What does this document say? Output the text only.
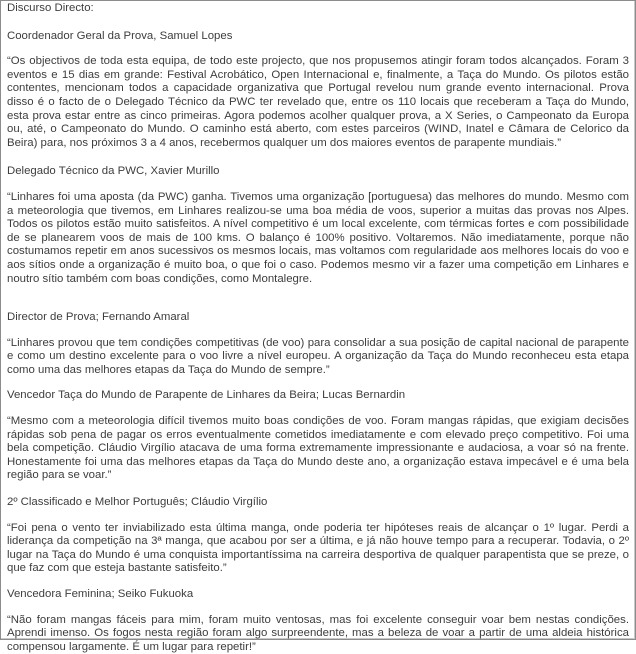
Discurso Directo:

Coordenador Geral da Prova, Samuel Lopes

“Os objectivos de toda esta equipa, de todo este projecto, que nos propusemos atingir foram todos alcançados. Foram 3 eventos e 15 dias em grande: Festival Acrobático, Open Internacional e, finalmente, a Taça do Mundo. Os pilotos estão contentes, mencionam todos a capacidade organizativa que Portugal revelou num grande evento internacional. Prova disso é o facto de o Delegado Técnico da PWC ter revelado que, entre os 110 locais que receberam a Taça do Mundo, esta prova estar entre as cinco primeiras. Agora podemos acolher qualquer prova, a X Series, o Campeonato da Europa ou, até, o Campeonato do Mundo. O caminho está aberto, com estes parceiros (WIND, Inatel e Câmara de Celorico da Beira) para, nos próximos 3 a 4 anos, recebermos qualquer um dos maiores eventos de parapente mundiais.”

Delegado Técnico da PWC, Xavier Murillo

“Linhares foi uma aposta (da PWC) ganha. Tivemos uma organização [portuguesa) das melhores do mundo. Mesmo com a meteorologia que tivemos, em Linhares realizou-se uma boa média de voos, superior a muitas das provas nos Alpes. Todos os pilotos estão muito satisfeitos. A nível competitivo é um local excelente, com térmicas fortes e com possibilidade de se planearem voos de mais de 100 kms. O balanço é 100% positivo. Voltaremos. Não imediatamente, porque não costumamos repetir em anos sucessivos os mesmos locais, mas voltamos com regularidade aos melhores locais do voo e aos sítios onde a organização é muito boa, o que foi o caso. Podemos mesmo vir a fazer uma competição em Linhares e noutro sítio também com boas condições, como Montalegre.

Director de Prova; Fernando Amaral

“Linhares provou que tem condições competitivas (de voo) para consolidar a sua posição de capital nacional de parapente e como um destino excelente para o voo livre a nível europeu. A organização da Taça do Mundo reconheceu esta etapa como uma das melhores etapas da Taça do Mundo de sempre.”

Vencedor Taça do Mundo de Parapente de Linhares da Beira; Lucas Bernardin

“Mesmo com a meteorologia difícil tivemos muito boas condições de voo. Foram mangas rápidas, que exigiam decisões rápidas sob pena de pagar os erros eventualmente cometidos imediatamente e com elevado preço competitivo. Foi uma bela competição. Cláudio Virgílio atacava de uma forma extremamente impressionante e audaciosa, a voar só na frente. Honestamente foi uma das melhores etapas da Taça do Mundo deste ano, a organização estava impecável e é uma bela região para se voar.”

2º Classificado e Melhor Português; Cláudio Virgílio

“Foi pena o vento ter inviabilizado esta última manga, onde poderia ter hipóteses reais de alcançar o 1º lugar. Perdi a liderança da competição na 3ª manga, que acabou por ser a última, e já não houve tempo para a recuperar. Todavia, o 2º lugar na Taça do Mundo é uma conquista importantíssima na carreira desportiva de qualquer parapentista que se preze, o que faz com que esteja bastante satisfeito.”

Vencedora Feminina; Seiko Fukuoka

“Não foram mangas fáceis para mim, foram muito ventosas, mas foi excelente conseguir voar bem nestas condições. Aprendi imenso. Os fogos nesta região foram algo surpreendente, mas a beleza de voar a partir de uma aldeia histórica compensou largamente. É um lugar para repetir!”
